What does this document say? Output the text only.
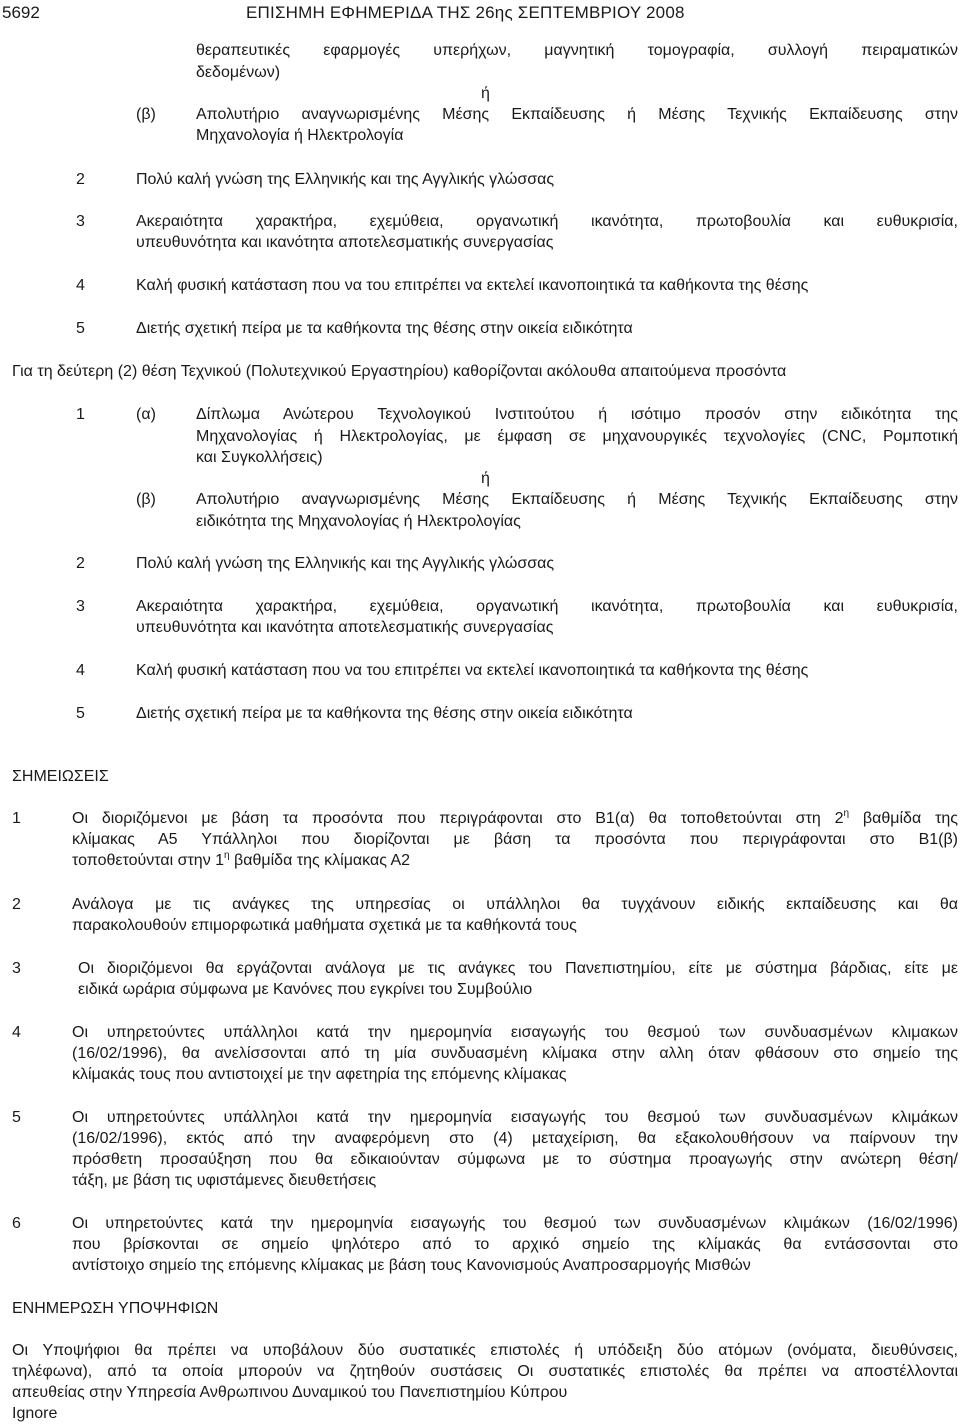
5692	ΕΠΙΣΗΜΗ ΕΦΗΜΕΡΙΔΑ ΤΗΣ 26ης ΣΕΠΤΕΜΒΡΙΟΥ 2008
θεραπευτικές εφαρμογές υπερήχων, μαγνητική τομογραφία, συλλογή πειραματικών
δεδομένων)
ή
(β)	Απολυτήριο αναγνωρισμένης Μέσης Εκπαίδευσης ή Μέσης Τεχνικής Εκπαίδευσης στην
Μηχανολογία ή Ηλεκτρολογία
2	Πολύ καλή γνώση της Ελληνικής και της Αγγλικής γλώσσας
3	Ακεραιότητα χαρακτήρα, εχεμύθεια, οργανωτική ικανότητα, πρωτοβουλία και ευθυκρισία,
υπευθυνότητα και ικανότητα αποτελεσματικής συνεργασίας
4	Καλή φυσική κατάσταση που να του επιτρέπει να εκτελεί ικανοποιητικά τα καθήκοντα της θέσης
5	Διετής σχετική πείρα με τα καθήκοντα της θέσης στην οικεία ειδικότητα
Για τη δεύτερη (2) θέση Τεχνικού (Πολυτεχνικού Εργαστηρίου) καθορίζονται ακόλουθα απαιτούμενα προσόντα
1	(α)	Δίπλωμα Ανώτερου Τεχνολογικού Ινστιτούτου ή ισότιμο προσόν στην ειδικότητα της
Μηχανολογίας ή Ηλεκτρολογίας, με έμφαση σε μηχανουργικές τεχνολογίες (CNC, Ρομποτική
και Συγκολλήσεις)
ή
(β)	Απολυτήριο αναγνωρισμένης Μέσης Εκπαίδευσης ή Μέσης Τεχνικής Εκπαίδευσης στην
ειδικότητα της Μηχανολογίας ή Ηλεκτρολογίας
2	Πολύ καλή γνώση της Ελληνικής και της Αγγλικής γλώσσας
3	Ακεραιότητα χαρακτήρα, εχεμύθεια, οργανωτική ικανότητα, πρωτοβουλία και ευθυκρισία,
υπευθυνότητα και ικανότητα αποτελεσματικής συνεργασίας
4	Καλή φυσική κατάσταση που να του επιτρέπει να εκτελεί ικανοποιητικά τα καθήκοντα της θέσης
5	Διετής σχετική πείρα με τα καθήκοντα της θέσης στην οικεία ειδικότητα
ΣΗΜΕΙΩΣΕΙΣ
1	Οι διοριζόμενοι με βάση τα προσόντα που περιγράφονται στο Β1(α) θα τοποθετούνται στη $2^\eta$ βαθμίδα της
κλίμακας Α5 Υπάλληλοι που διορίζονται με βάση τα προσόντα που περιγράφονται στο Β1(β)
τοποθετούνται στην $1^\eta$ βαθμίδα της κλίμακας Α2
2	Ανάλογα με τις ανάγκες της υπηρεσίας οι υπάλληλοι θα τυγχάνουν ειδικής εκπαίδευσης και θα
παρακολουθούν επιμορφωτικά μαθήματα σχετικά με τα καθήκοντά τους
3	Οι διοριζόμενοι θα εργάζονται ανάλογα με τις ανάγκες του Πανεπιστημίου, είτε με σύστημα βάρδιας, είτε με
ειδικά ωράρια σύμφωνα με Κανόνες που εγκρίνει του Συμβούλιο
4	Οι υπηρετούντες υπάλληλοι κατά την ημερομηνία εισαγωγής του θεσμού των συνδυασμένων κλιμακων
(16/02/1996), θα ανελίσσονται από τη μία συνδυασμένη κλίμακα στην αλλη όταν φθάσουν στο σημείο της
κλίμακάς τους που αντιστοιχεί με την αφετηρία της επόμενης κλίμακας
5	Οι υπηρετούντες υπάλληλοι κατά την ημερομηνία εισαγωγής του θεσμού των συνδυασμένων κλιμάκων
(16/02/1996), εκτός από την αναφερόμενη στο (4) μεταχείριση, θα εξακολουθήσουν να παίρνουν την
πρόσθετη προσαύξηση που θα εδικαιούνταν σύμφωνα με το σύστημα προαγωγής στην ανώτερη θέση/
τάξη, με βάση τις υφιστάμενες διευθετήσεις
6	Οι υπηρετούντες κατά την ημερομηνία εισαγωγής του θεσμού των συνδυασμένων κλιμάκων (16/02/1996)
που βρίσκονται σε σημείο ψηλότερο από το αρχικό σημείο της κλίμακάς θα εντάσσονται στο
αντίστοιχο σημείο της επόμενης κλίμακας με βάση τους Κανονισμούς Αναπροσαρμογής Μισθών
ΕΝΗΜΕΡΩΣΗ ΥΠΟΨΗΦΙΩΝ
Οι Υποψήφιοι θα πρέπει να υποβάλουν δύο συστατικές επιστολές ή υπόδειξη δύο ατόμων (ονόματα, διευθύνσεις,
τηλέφωνα), από τα οποία μπορούν να ζητηθούν συστάσεις Οι συστατικές επιστολές θα πρέπει να αποστέλλονται
απευθείας στην Υπηρεσία Ανθρωπινου Δυναμικού του Πανεπιστημίου Κύπρου
Ignore
